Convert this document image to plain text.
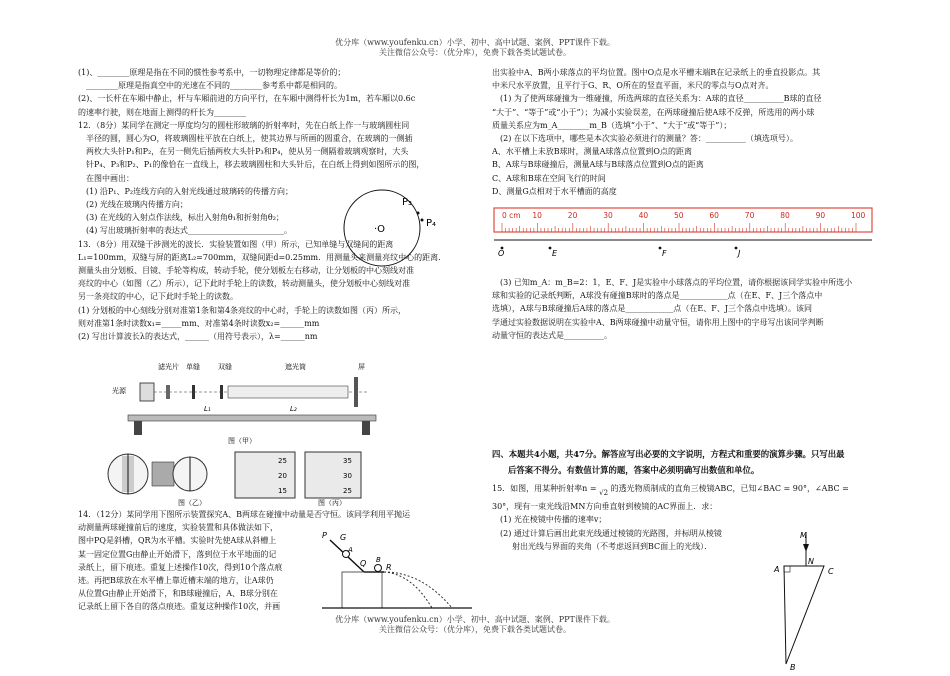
优分库（www.youfenku.cn）小学、初中、高中试题、案例、PPT课件下载。
关注微信公众号：（优分库），免费下载各类试题试卷。
优分库（www.youfenku.cn）小学、初中、高中试题、案例、PPT课件下载。
关注微信公众号：（优分库），免费下载各类试题试卷。

(1)、________原理是指在不同的惯性参考系中，一切物理定律都是等价的；

________原理是指真空中的光速在不同的________参考系中都是相同的。

(2)、一长杆在车厢中静止，杆与车厢前进的方向平行，在车厢中测得杆长为1m，若车厢以0.6c

的速率行驶，则在地面上测得的杆长为________

12．（8分）某同学在测定一厚度均匀的圆柱形玻璃的折射率时，先在白纸上作一与玻璃圆柱同

半径的圆，圆心为O，将玻璃圆柱平放在白纸上，使其边界与所画的圆重合，在玻璃的一侧插

两枚大头针P₁和P₂，在另一侧先后插两枚大头针P₃和P₄，使从另一侧隔着玻璃观察时，大头

针P₄、P₃和P₂、P₁的像恰在一直线上，移去玻璃圆柱和大头针后，在白纸上得到如图所示的图，

在图中画出：

(1) 沿P₁、P₂连线方向的入射光线通过玻璃砖的传播方向；

(2) 光线在玻璃内传播方向；

(3) 在光线的入射点作法线，标出入射角θ₁和折射角θ₂；

(4) 写出玻璃折射率的表达式________________________。

13．（8分）用双缝干涉测光的波长．实验装置如图（甲）所示，已知单缝与双缝间的距离

L₁=100mm，双缝与屏的距离L₂=700mm，双缝间距d=0.25mm．用测量头来测量亮纹中心的距离．

测量头由分划板、目镜、手轮等构成，转动手轮，使分划板左右移动，让分划板的中心刻线对准

亮纹的中心（如图（乙）所示），记下此时手轮上的读数，转动测量头，使分划板中心刻线对准

另一条亮纹的中心，记下此时手轮上的读数。

(1) 分划板的中心刻线分别对准第1条和第4条亮纹的中心时，手轮上的读数如图（丙）所示，

则对准第1条时读数x₁=_____mm、对准第4条时读数x₂=______mm

(2) 写出计算波长λ的表达式，______（用符号表示），λ=______nm

·O
P₃
P₄
滤光片 单缝	双缝	遮光筒	屏
光源
L₁	L₂
图（甲）
图（乙）
25
20
15
35
30
25
图（丙）

14．（12分）某同学用下图所示装置探究A、B两球在碰撞中动量是否守恒。该同学利用平抛运

动测量两球碰撞前后的速度，实验装置和具体做法如下，

图中PQ是斜槽，QR为水平槽。实验时先使A球从斜槽上

某一固定位置G由静止开始滑下，落到位于水平地面的记

录纸上，留下痕迹。重复上述操作10次，得到10个落点痕

迹。再把B球放在水平槽上靠近槽末端的地方，让A球仍

从位置G由静止开始滑下，和B球碰撞后，A、B球分别在

记录纸上留下各自的落点痕迹。重复这种操作10次，并画

P G
Q R
A
B

出实验中A、B两小球落点的平均位置。图中O点是水平槽末端R在记录纸上的垂直投影点。其

中米尺水平放置，且平行于G、R、O所在的竖直平面，米尺的零点与O点对齐。

(1) 为了使两球碰撞为一维碰撞，所选两球的直径关系为：A球的直径__________B球的直径

“大于”、“等于”或“小于”）；为减小实验误差，在两球碰撞后使A球不反弹，所选用的两小球

质量关系应为m_A________m_B（选填“小于”、“大于”或“等于”）；

(2) 在以下选项中，哪些是本次实验必须进行的测量？答：__________（填选项号）。

A、水平槽上未放B球时，测量A球落点位置到O点的距离

B、A球与B球碰撞后，测量A球与B球落点位置到O点的距离

C、A球和B球在空间飞行的时间

D、测量G点相对于水平槽面的高度

10	20	30	40	50	60	70	80	90	100
0 cm
O	E	F	J

(3) 已知m_A：m_B=2：1，E、F、J是实验中小球落点的平均位置，请你根据该同学实验中所选小

球和实验的记录纸判断，A球没有碰撞B球时的落点是____________点（在E、F、J三个落点中

选填），A球与B球碰撞后A球的落点是____________点（在E、F、J三个落点中选填）。该同

学通过实验数据说明在实验中A、B两球碰撞中动量守恒，请你用上图中的字母写出该同学判断

动量守恒的表达式是__________。

四、本题共4小题，共47分。解答应写出必要的文字说明，方程式和重要的演算步骤。只写出最

后答案不得分。有数值计算的题，答案中必须明确写出数值和单位。

15．如图，用某种折射率n = √2 的透光物质制成的直角三棱镜ABC，已知∠BAC = 90°，∠ABC =

30°，现有一束光线沿MN方向垂直射到棱镜的AC界面上．求：

(1) 光在棱镜中传播的速率v；

(2) 通过计算后画出此束光线通过棱镜的光路图，并标明从棱镜

射出光线与界面的夹角（不考虑返回到BC面上的光线）．

M
N
A	C
B
